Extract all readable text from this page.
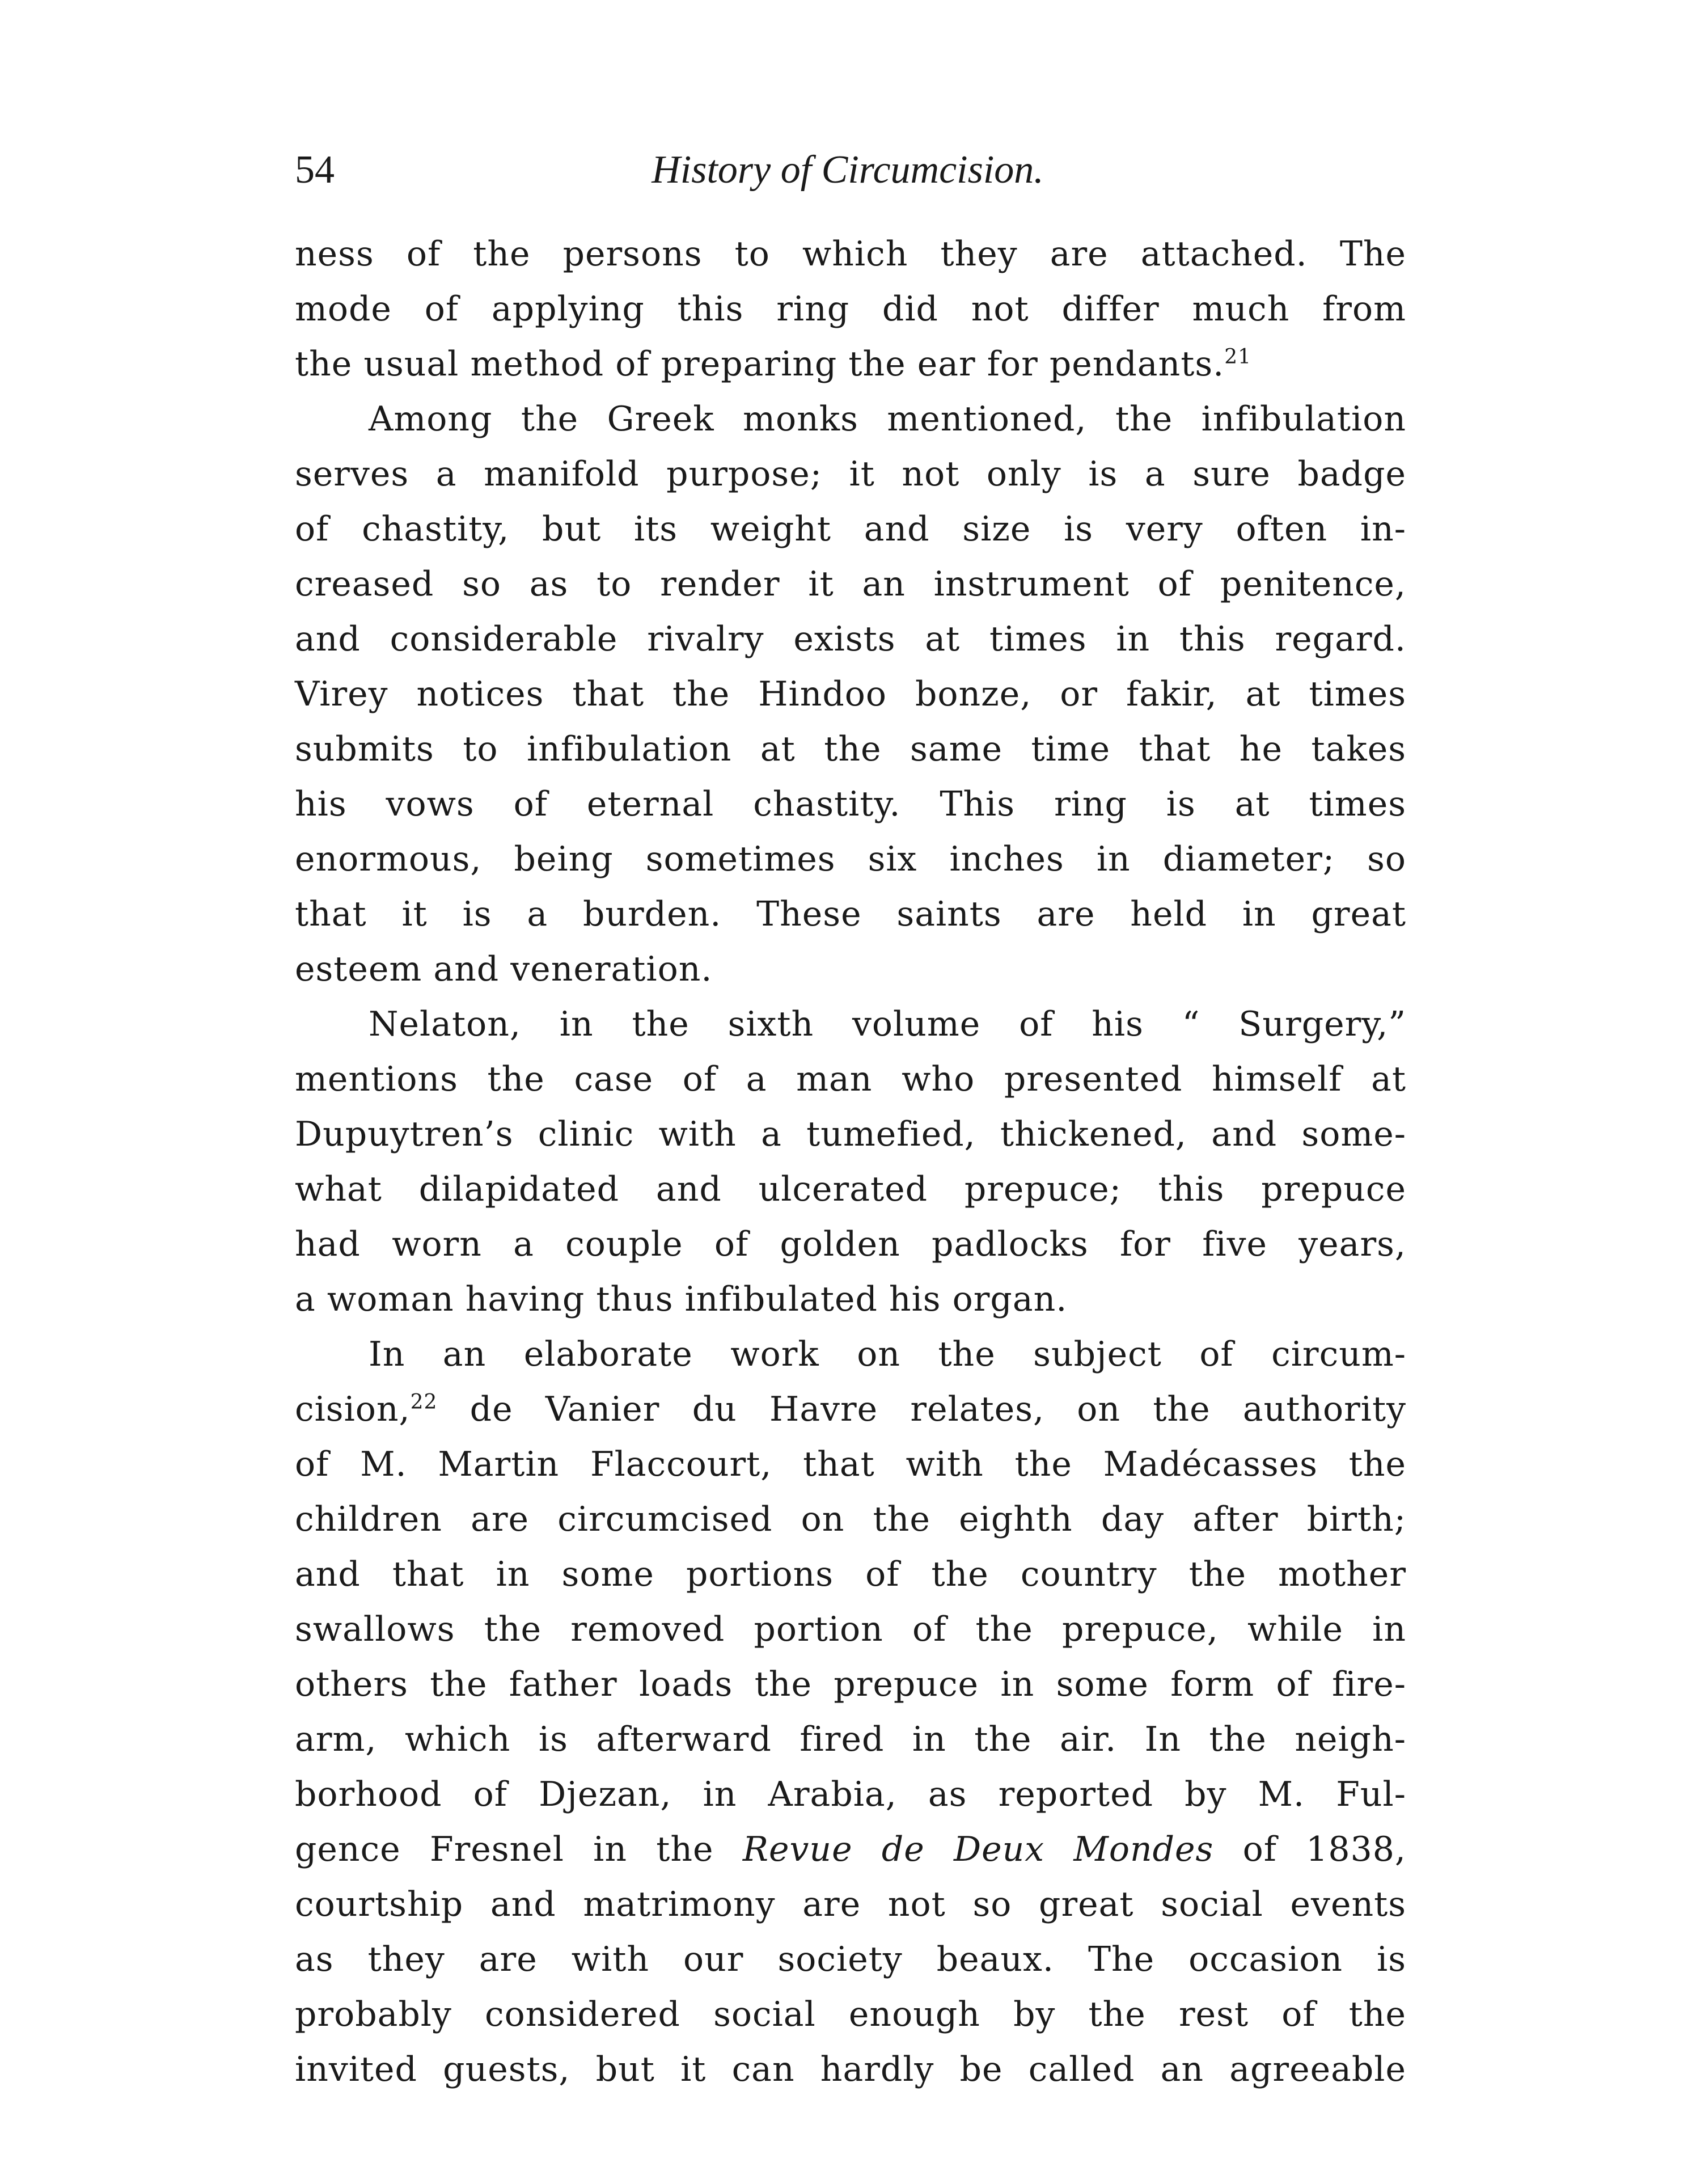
54	History of Circumcision.
ness of the persons to which they are attached. The
mode of applying this ring did not differ much from
the usual method of preparing the ear for pendants.$^{21}$
Among the Greek monks mentioned, the infibulation
serves a manifold purpose; it not only is a sure badge
of chastity, but its weight and size is very often in-
creased so as to render it an instrument of penitence,
and considerable rivalry exists at times in this regard.
Virey notices that the Hindoo bonze, or fakir, at times
submits to infibulation at the same time that he takes
his vows of eternal chastity. This ring is at times
enormous, being sometimes six inches in diameter; so
that it is a burden. These saints are held in great
esteem and veneration.
Nelaton, in the sixth volume of his “ Surgery,”
mentions the case of a man who presented himself at
Dupuytren’s clinic with a tumefied, thickened, and some-
what dilapidated and ulcerated prepuce; this prepuce
had worn a couple of golden padlocks for five years,
a woman having thus infibulated his organ.
In an elaborate work on the subject of circum-
cision,$^{22}$ de Vanier du Havre relates, on the authority
of M. Martin Flaccourt, that with the Madécasses the
children are circumcised on the eighth day after birth;
and that in some portions of the country the mother
swallows the removed portion of the prepuce, while in
others the father loads the prepuce in some form of fire-
arm, which is afterward fired in the air. In the neigh-
borhood of Djezan, in Arabia, as reported by M. Ful-
gence Fresnel in the Revue de Deux Mondes of 1838,
courtship and matrimony are not so great social events
as they are with our society beaux. The occasion is
probably considered social enough by the rest of the
invited guests, but it can hardly be called an agreeable
